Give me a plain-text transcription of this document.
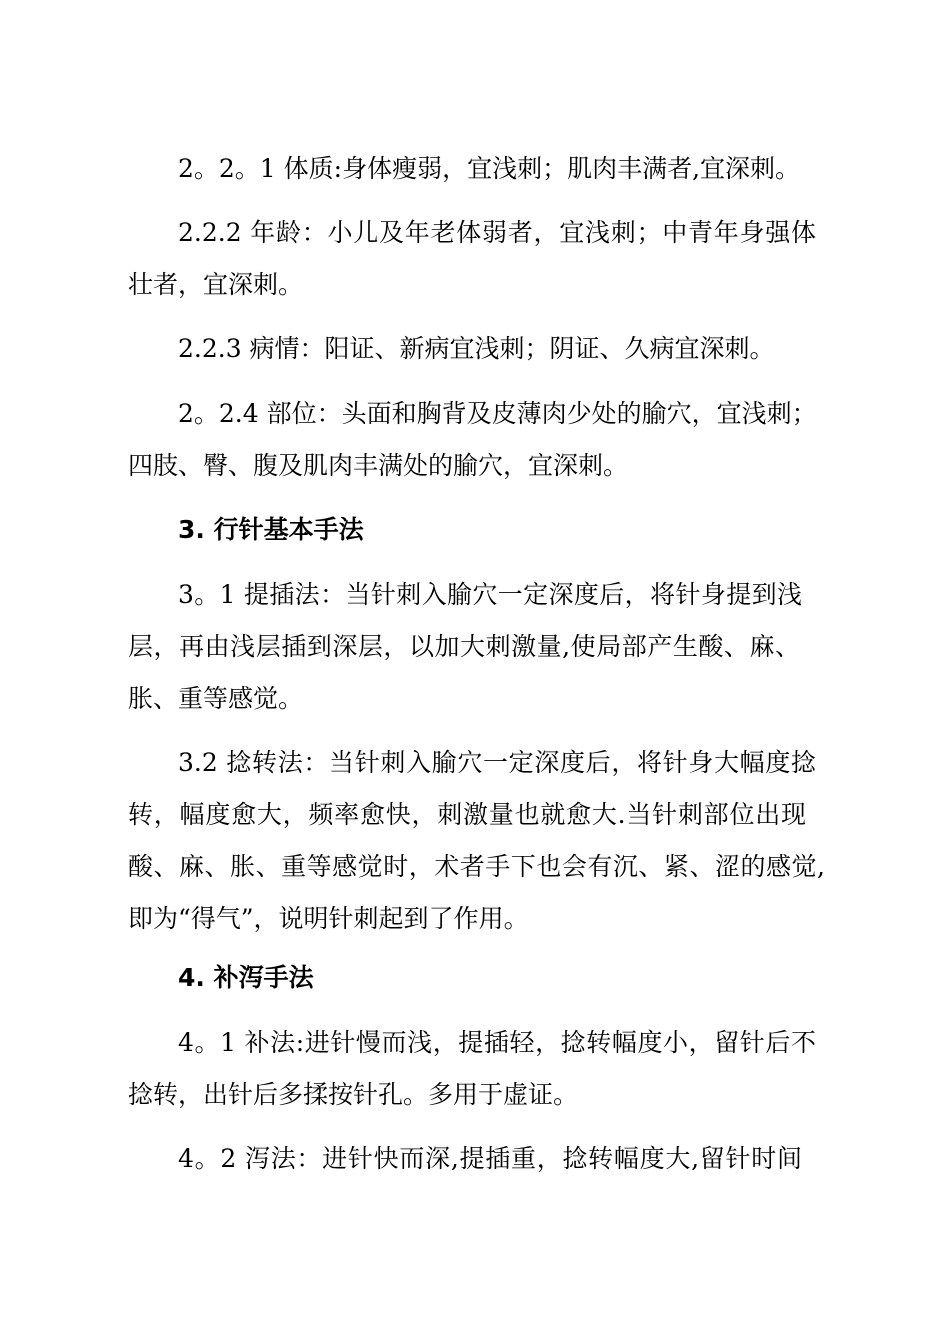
2。2。1 体质:身体瘦弱，宜浅刺；肌肉丰满者,宜深刺。
2.2.2 年龄：小儿及年老体弱者，宜浅刺；中青年身强体
壮者，宜深刺。
2.2.3 病情：阳证、新病宜浅刺；阴证、久病宜深刺。
2。2.4 部位：头面和胸背及皮薄肉少处的腧穴，宜浅刺；
四肢、臀、腹及肌肉丰满处的腧穴，宜深刺。
3. 行针基本手法
3。1 提插法：当针刺入腧穴一定深度后，将针身提到浅
层，再由浅层插到深层，以加大刺激量,使局部产生酸、麻、
胀、重等感觉。
3.2 捻转法：当针刺入腧穴一定深度后，将针身大幅度捻
转，幅度愈大，频率愈快，刺激量也就愈大.当针刺部位出现
酸、麻、胀、重等感觉时，术者手下也会有沉、紧、涩的感觉,
即为“得气”，说明针刺起到了作用。
4. 补泻手法
4。1 补法:进针慢而浅，提插轻，捻转幅度小，留针后不
捻转，出针后多揉按针孔。多用于虚证。
4。2 泻法：进针快而深,提插重，捻转幅度大,留针时间
